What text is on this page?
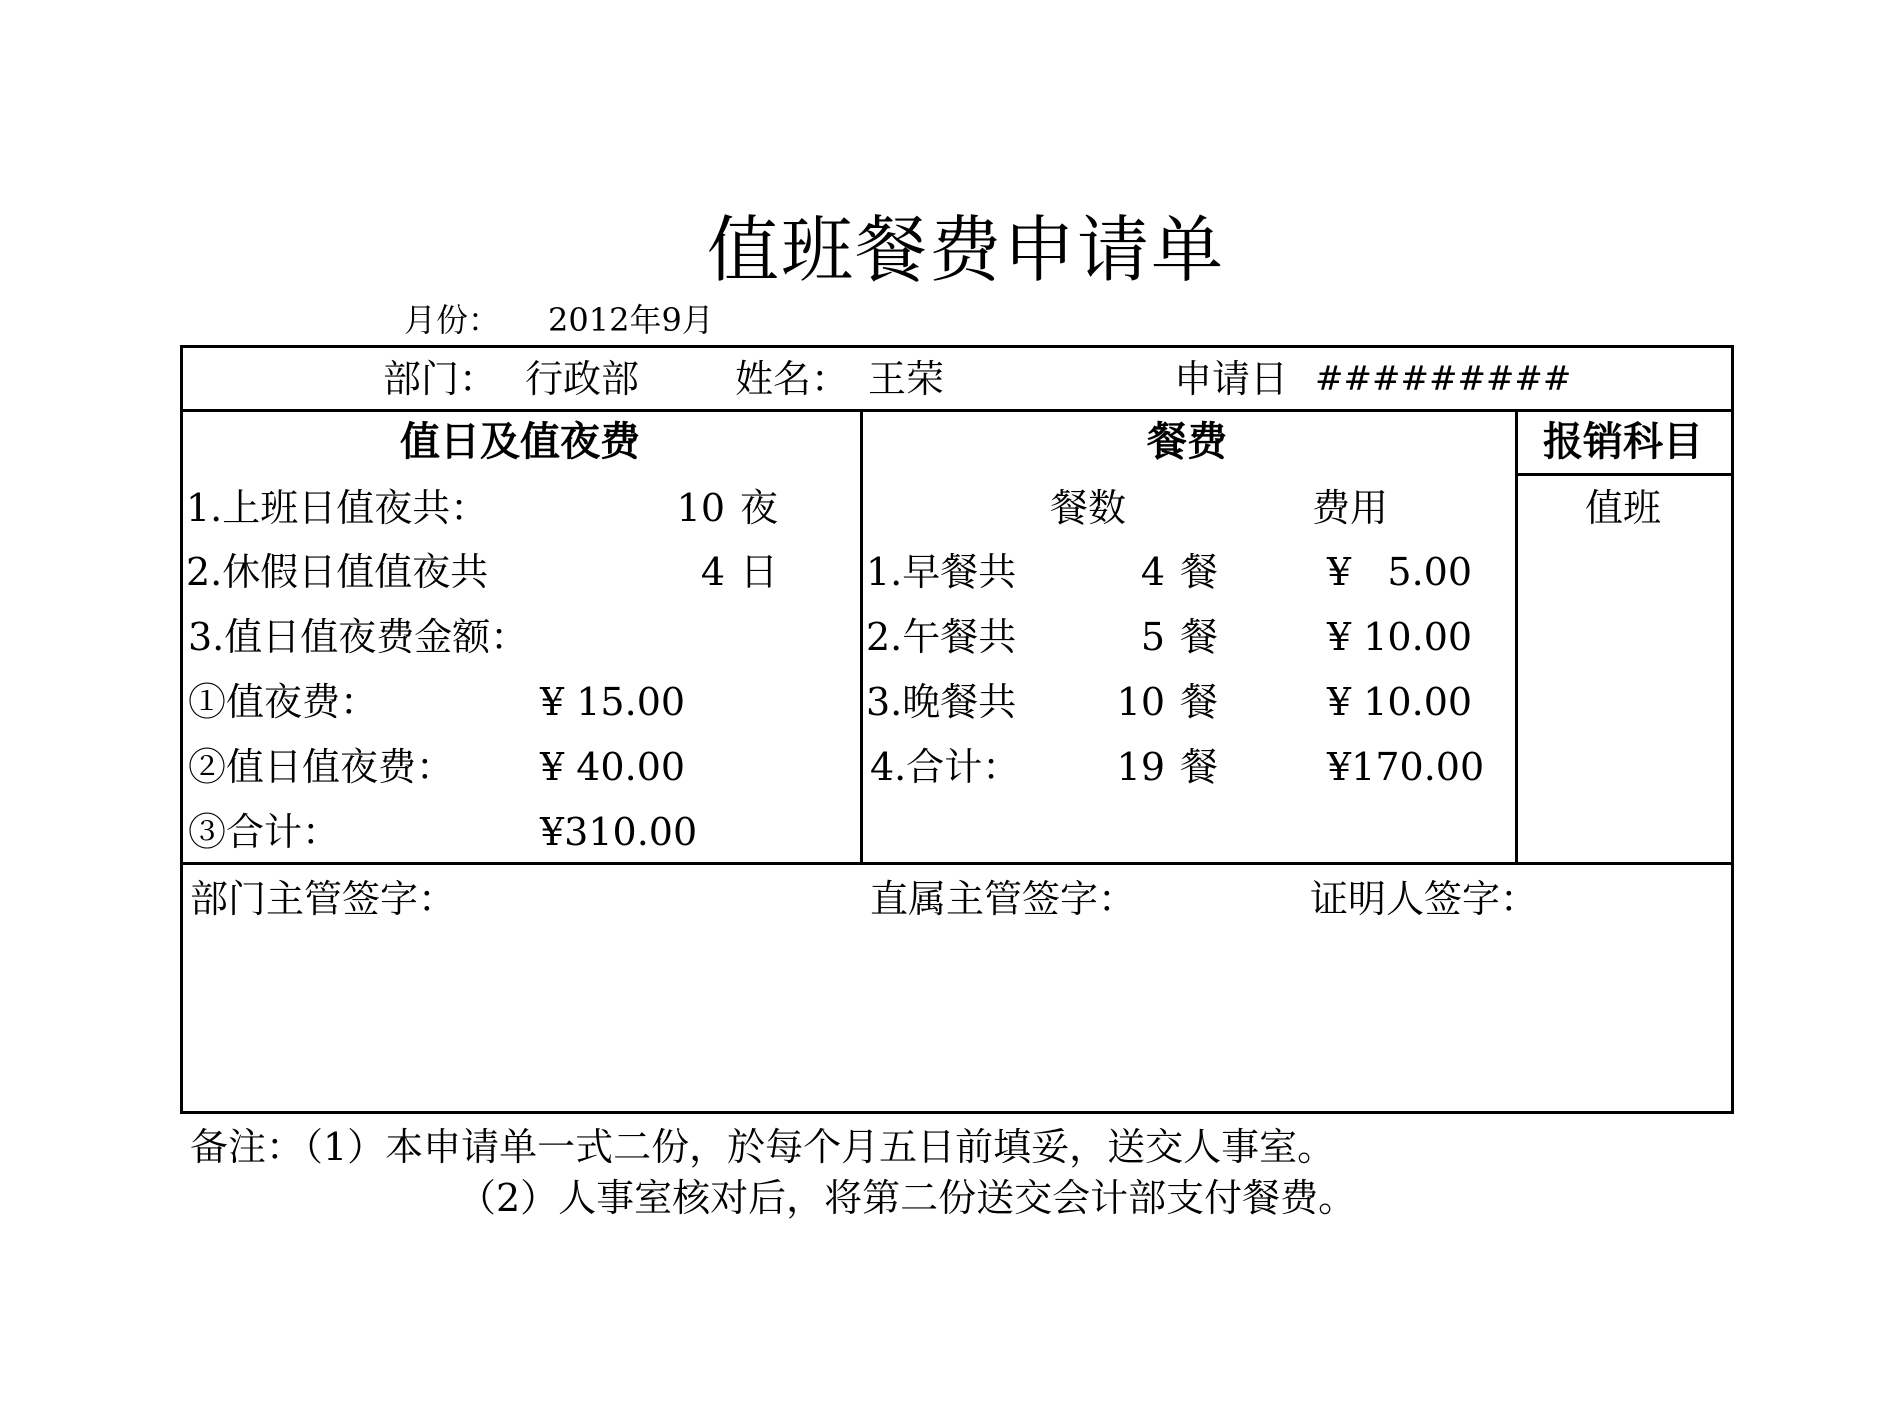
值班餐费申请单
月份： 2012年9月
部门： 行政部	姓名： 王荣	申请日 #########
值日及值夜费	餐费	报销科目
1.上班日值夜共：	10 夜
2.休假日值值夜共	4 日
3.值日值夜费金额：
①值夜费：	¥ 15.00
②值日值夜费： ¥ 40.00
③合计：	¥310.00
餐数	费用
1.早餐共	4 餐	¥   5.00
2.午餐共	5 餐	¥ 10.00
3.晚餐共	10 餐	¥ 10.00
4.合计：	19 餐	¥170.00
值班
部门主管签字：	直属主管签字：	证明人签字：
备注：（1）本申请单一式二份，於每个月五日前填妥，送交人事室。
（2）人事室核对后，将第二份送交会计部支付餐费。
